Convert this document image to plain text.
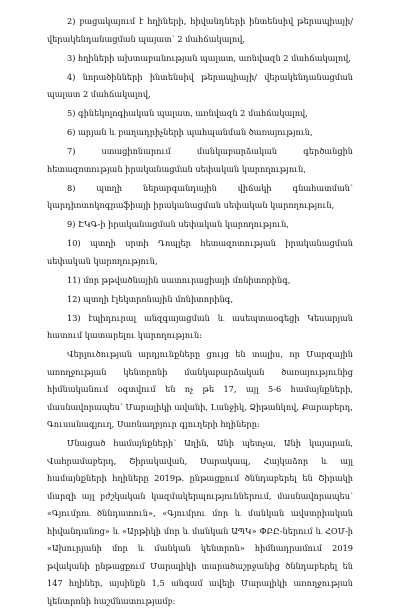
2) բացակայում է հղիների, հիվանդների ինտենսիվ թերապիայի/ վերակենդանացման պայատ՝ 2 մահճակալով,

3) հղիների ախտաբանության պալատ, առնվազն 2 մահճակալով,

4) նորածինների ինտենսիվ թերապիայի/ վերակենդանացման պալատ 2 մահճակալով,

5) գինեկոլոգիական պալատ, առնվազն 2 մահճակալով,

6) արյան և բաղադրիչների պահպանման ծառայություն,

7) ստացիոնարում մանկաբարձական գերծանցին հետազոտության իրականացման սեփական կարողություն,

8) պտղի ներարգանդային վիճակի գնահատման՝ կարդիոտոկոգրաֆիայի իրականացման սեփական կարողություն,

9) ԷԿԳ-ի իրականացման սեփական կարողություն,

10) պտղի սրտի Դոպլեր հետազոտության իրականացման սեփական կարողություն,

11) մոր թթվածնային սատուրացիայի մոնիտորինգ,

12) պտղի էլեկտրոնային մոնիտորինգ,

13) էպիդուրալ անզգայացման և ասեպտաօգեցի Կեսարյան հատում կատարելու կարողություն։

Վերլուծության արդյունքները ցույց են տալիս, որ Մարզային առողջության կենտրոնի մանկաբարձական ծառայությունից հիմնականում օգտվում են ոչ թե 17, այլ 5-6 համայնքների, մասնավորապես՝ Մարալիկի ավանի, Լանջիկ, Ձիթանկով, Քարաբերդ, Գուսանագյուղ, Սառնաղբյուր գյուղերի հղիները։

Մնացած համայնքների՝ Աղին, Անի պետչա, Անի կայարան, Վահրամաբերդ, Շիրակավան, Սարակապ, Հայկաձոր և այլ համայնքների հղիները 2019թ. ընթացքում ծննդաբերել են Շիրակի մարզի այլ բժշկական կազմակերպություններում, մասնավորապես՝ «Գյումրու ծննդատուն», «Գյումրու մոր և մանկան ավստրիական հիվանդանոց» և «Արթիկի մոր և մանկան ԱՊԿ» ՓԲԸ-ներում և ՀՕՄ-ի «Ախուրյանի մոր և մանկան կենտրոն» հիմնադրամում 2019 թվականի ընթացքում Մարալիկի տարածաշրջանից ծննդաբերել են 147 հղիներ, այսինքն 1,5 անգամ ավելի Մարալիկի առողջության կենտրոնի հաշմնատությամբ։
